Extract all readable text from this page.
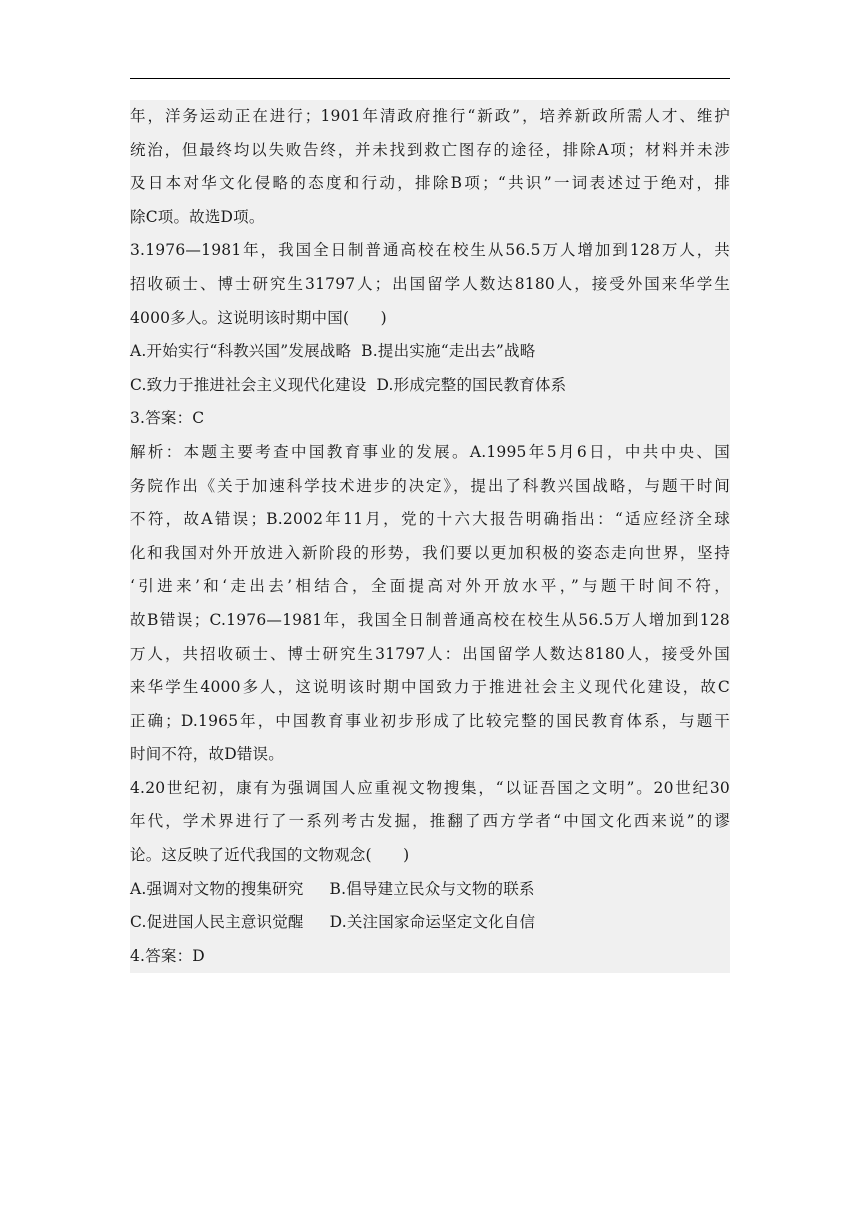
年，洋务运动正在进行；1901年清政府推行“新政”，培养新政所需人才、维护
统治，但最终均以失败告终，并未找到救亡图存的途径，排除A项；材料并未涉
及日本对华文化侵略的态度和行动，排除B项；“共识”一词表述过于绝对，排
除C项。故选D项。
3.1976—1981年，我国全日制普通高校在校生从56.5万人增加到128万人，共
招收硕士、博士研究生31797人；出国留学人数达8180人，接受外国来华学生
4000多人。这说明该时期中国(　　)
A.开始实行“科教兴国”发展战略 B.提出实施“走出去”战略
C.致力于推进社会主义现代化建设 D.形成完整的国民教育体系
3.答案：C
解析：本题主要考查中国教育事业的发展。A.1995年5月6日，中共中央、国
务院作出《关于加速科学技术进步的决定》，提出了科教兴国战略，与题干时间
不符，故A错误；B.2002年11月，党的十六大报告明确指出：“适应经济全球
化和我国对外开放进入新阶段的形势，我们要以更加积极的姿态走向世界，坚持
‘引进来’和‘走出去’相结合，全面提高对外开放水平，”与题干时间不符，
故B错误；C.1976—1981年，我国全日制普通高校在校生从56.5万人增加到128
万人，共招收硕士、博士研究生31797人：出国留学人数达8180人，接受外国
来华学生4000多人，这说明该时期中国致力于推进社会主义现代化建设，故C
正确；D.1965年，中国教育事业初步形成了比较完整的国民教育体系，与题干
时间不符，故D错误。
4.20世纪初，康有为强调国人应重视文物搜集，“以证吾国之文明”。20世纪30
年代，学术界进行了一系列考古发掘，推翻了西方学者“中国文化西来说”的谬
论。这反映了近代我国的文物观念(　　)
A.强调对文物的搜集研究 B.倡导建立民众与文物的联系
C.促进国人民主意识觉醒 D.关注国家命运坚定文化自信
4.答案：D
